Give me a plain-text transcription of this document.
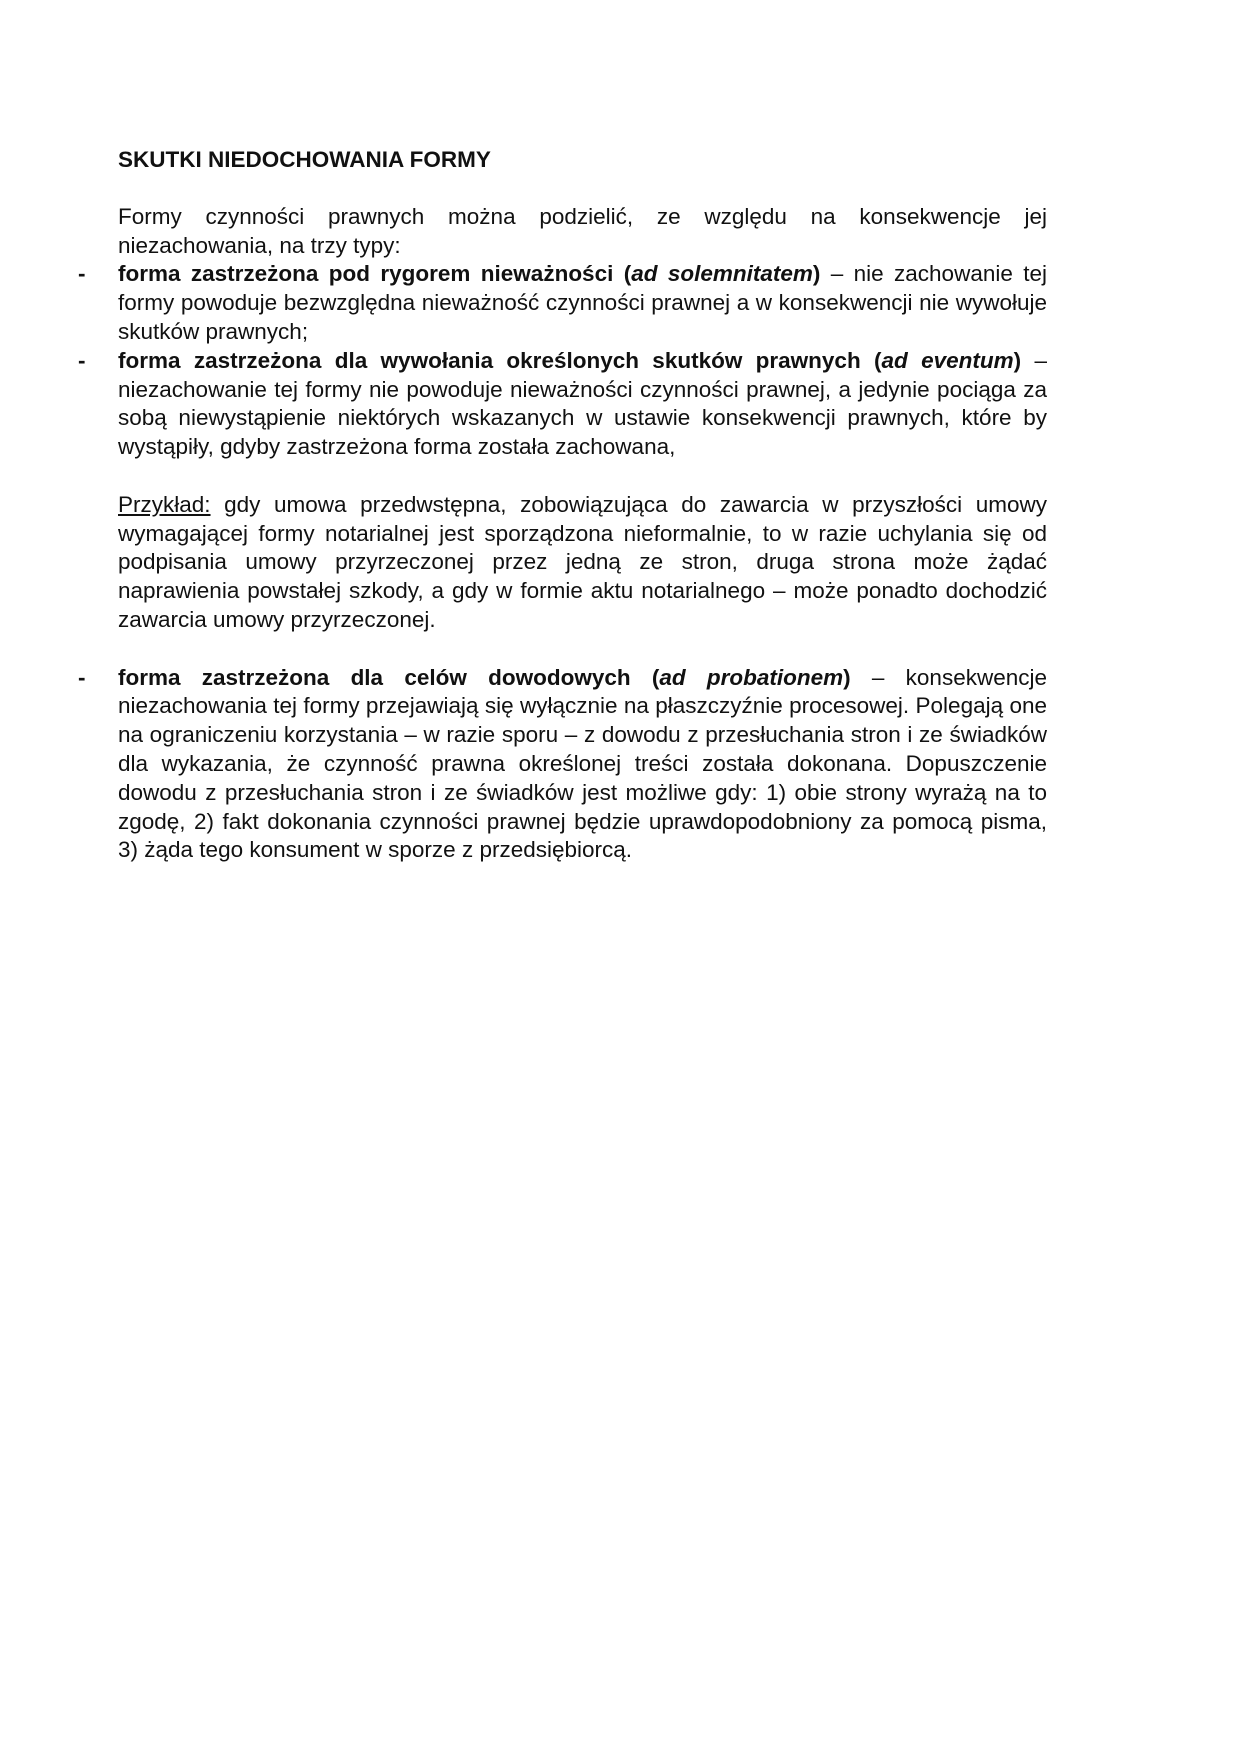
SKUTKI NIEDOCHOWANIA FORMY

Formy czynności prawnych można podzielić, ze względu na konsekwencje jej niezachowania, na trzy typy:

- forma zastrzeżona pod rygorem nieważności (ad solemnitatem) – nie zachowanie tej formy powoduje bezwzględna nieważność czynności prawnej a w konsekwencji nie wywołuje skutków prawnych;

- forma zastrzeżona dla wywołania określonych skutków prawnych (ad eventum) – niezachowanie tej formy nie powoduje nieważności czynności prawnej, a jedynie pociąga za sobą niewystąpienie niektórych wskazanych w ustawie konsekwencji prawnych, które by wystąpiły, gdyby zastrzeżona forma została zachowana,

Przykład: gdy umowa przedwstępna, zobowiązująca do zawarcia w przyszłości umowy wymagającej formy notarialnej jest sporządzona nieformalnie, to w razie uchylania się od podpisania umowy przyrzeczonej przez jedną ze stron, druga strona może żądać naprawienia powstałej szkody, a gdy w formie aktu notarialnego – może ponadto dochodzić zawarcia umowy przyrzeczonej.

- forma zastrzeżona dla celów dowodowych (ad probationem) – konsekwencje niezachowania tej formy przejawiają się wyłącznie na płaszczyźnie procesowej. Polegają one na ograniczeniu korzystania – w razie sporu – z dowodu z przesłuchania stron i ze świadków dla wykazania, że czynność prawna określonej treści została dokonana. Dopuszczenie dowodu z przesłuchania stron i ze świadków jest możliwe gdy: 1) obie strony wyrażą na to zgodę, 2) fakt dokonania czynności prawnej będzie uprawdopodobniony za pomocą pisma, 3) żąda tego konsument w sporze z przedsiębiorcą.
